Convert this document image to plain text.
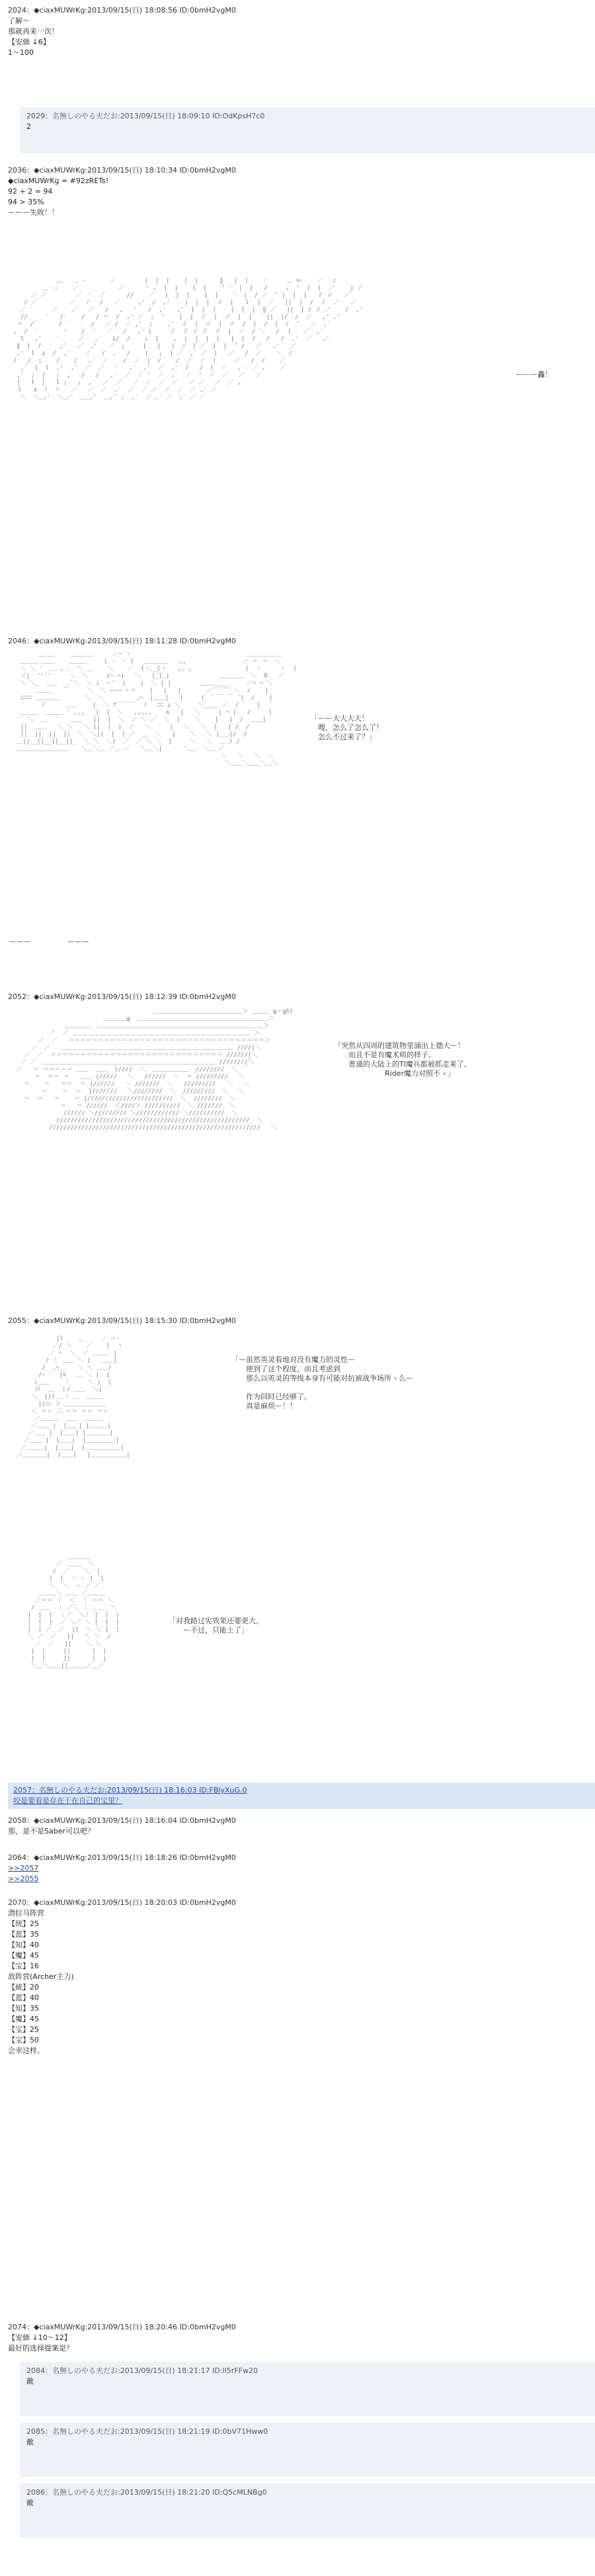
2024：◆ciaxMUWrKg:2013/09/15(日) 18:08:56 ID:0bmH2vgM0
了解～
那就再来一次！
【安価 ↓6】
1～100
2029：名無しのやる夫だお:2013/09/15(日) 18:09:10 ID:OdKpsH7c0
2
2036：◆ciaxMUWrKg:2013/09/15(日) 18:10:34 ID:0bmH2vgM0
◆ciaxMUWrKg = #92zRETs!
92 + 2 = 94
94 > 35%
ーーー失敗！！
,、  ＿ ‐ ￣    ／        |  |  |    |  |      ‖   |  |    ／     ＿ ｬﾍ    ／   ﾝ
＿ -‐    ／           ／      ' ,  |  |    |  |    ’ '  |  |   /     ,  '  |  |  ／    ｊ ﾉ
／ ／        ／  '  ／      //    ／   |  |  |    |  |    '  |  / ／  ’ |  |  |   ∥ ∥   ／
/ ／         ／   ﾉ   /   ／     ,'  /  ,'    |  |  |  ∥  |   ｌ  |  ／   ||  |  /  ∥  ／   ／
／ ′     ／    ／   ／   /   ,   '   /  ,'   ,'  |  |  |    |  |  |  ‖ ／   ||  | / ∥ ／    /  ,'
//     ′   /′    /   / 〃  /  ,' ／  ;  '    |  |  ∥  |  ∥  |  |    ||  |/  /  ／   ,' ,'
〃  /′      / ′   ′  /   ／ /  ／ ,'  ;    ,'  ∥  |  ∥  |  ∥  /  |  /  |  /  ’   ／  ,′
,′ /  ′       '    /  '   ／ ′ /   ,' |     ∥  ∥ ∥ ∥  ∥  |  ／  / ＼   /  ｌ   ／  ,′
l   ,'    ′     ／   ,′   i/  /    ;  |    ,  |  |  |  |   |  |  /   /   /  ,'  ／   ,'
∥  |  /  ′  ,′   ／  ,'   ／  ;  ′  |   |   |  ﾉ  | ／  |  |  ’ /   ／   ,'   ／
,'  l  i  /  ,′    ／   /  ,   /    |   ;  | ／  ,′ ／  |   ／   /  ／    ＼  /
/   /  ;    /    /   ,′  ／    /  ／  |  /    /  ／  ／  | ′   ／   /  /    ／
,′  |  l  ,'  ,'  ／  ／   '   ,′  ,'  ／  ,′  /   /  |  ／   ,′  ／ ,′   ／
,'  ;  |   ;  ,   /   /   ,′  ／  ／ '  ／  ,′  ／  ’  ／  ／   ／   ／
|   l  |   l ;   ;  ,′  ／  ／   ／  ／  ／  ／   ／ ／   ／  ／ ,′
ｌ   ∨  ﾉ  〃   ／   ／  ／  ,′  ／  ／ ／  ／  ／  ／ ,′ ／
＼  ＼_,'  ＼_／  ＿_,'  ＿,' ,′ ,′  ／ ,′ ／  ,′ ／ ／
ーーー轟！
2046：◆ciaxMUWrKg:2013/09/15(日) 18:11:28 ID:0bmH2vgM0
＿＿＿    ＿＿＿＿     ／⌒ ヽ                                ＿＿＿＿＿＿
＿＿＿ ＿＿    ＿＿＿     ( ・ ・ )   ＿＿＿＿   ,,                ／ ⌒  ⌒  ＼
＼ ＼ '  ＿ , .  ＼ ＿    ＼    ／  (ヽ､_(ヽ   ,, ,               (  ・     ・  )
＜|  ''¨¨     ＼  ＼     (⌒ ⌒)   ＼   |_l_|              ＿＿＿＿  ＼  ∇   ／
＼ ＼_  ＿_   .ﾞ＼  ＼ (｀ー'  )    |  ＼ | |        ＿＿＿___     ／⌒ ⌒ ＼
＿＿＿   ￣     ＼  ＼ ｰｰｰｰ ｰ ﾍ    |   |   |       ／¨¨¨¨¨ ＼  /    |
ﾆﾆﾆﾆ ＿＿＿＿       ＼  ＼         ,ﾍ  |＿＿|   |     ( ｀ ￣ ￣ ´)  /    |
ﾉ      ＿＿    |  ＼ ｸﾞﾞﾞﾞﾞﾞﾞ  ﾉ   ﾆﾆ ⊥ ＼     ＼____ ／  /     |
＿＿＿  ＿＿＿ ' ,,,   |  |  ＼   ,,,,,    ∧   |   ＼     | ⌒ |   /     |
´  ＼  ＿  ｀   ＿＿   ||  |  ＼  ／ ＼ ／  ＼  |    ＼    |   |  /  ＿＿|
||  ＿＿   ＼ ＼   ＼ ||  |  |  ／   ＼     |   ＼   ＼  |   | /  /
||  ||  ||  ||  ＼  ＼||  |  | ／  ＿  ＼   |    ＼   ＼ |＿_|/  /
＿||__||__||__||_  ＼ ＼  ＼|  ／  ／ ＼ ＼  |     ＼   ＼  ＿ / /
＿＿＿＿＿＿＿＿＿   ＼＿＼＿ ／＿ ／   ＼＿＼|      ＼＿  ＼＿ ／
＼   ＼   ＼  ＼
＼＿＿＼＿＿＼＿＼
「ーー大大大大！
　嗖，怎么了怎么了！
　怎么不过来了？」
ーーー　　　　　ーーー
2052：◆ciaxMUWrKg:2013/09/15(日) 18:12:39 ID:0bmH2vgM0
＿＿＿＿＿＿＿＿＿＿＿＿＿＿＿＞ ＿＿＿ ≧＝≦ｾ)
＿＿＿＿≦  ＿＿＿＿＿＿＿＿＿＿＿＿＿＿＿＿＿＿＿＿＿＿＞
＿＿＿＿＿ ＿＿＿＿＿＿＿＿＿＿＿＿＿＿＿＿＿＿＿＿＿＿＿＿＿＿＿＿＞
／  ／ ＿＿＿＿＿＿＿＿＿＿＿＿＿＿＿＿＿＿＿＿＿＿＿＿＿＿＿＿＿＿ ＞
／  ／   ＝＝＝＝＝＝＝＝＝＝＝＝＝＝＝＝＝＝＝＝＝＝＝＝＝＝＝＝＝＝＝＝＝＞
／  ／   ＿＿＿＿＿＿＿＿＿＿＿＿＿＿＿＿＿＿＿＿＿＿＿＿＿＿＿＿＿ ////|＼
／  ／  ＝＝＝＝＝＝＝＝＝＝＝＝＝＝＝＝＝＝＝＝＝＝＝＝＝＝＝＝＝ //////|＼
／ ／  ＿＿＿＿＿＿＿＿＿＿＿＿＿＿＿＿＿＿＿＿＿＿＿＿＿＿＿＿＿ ///////|＼
／   ＝ ＝＝＝＝＝ ＿＿  ＿＿  |////  ＼  ＿＿＿＿＿＿  ////////  ＼
＝  ＝＝ ＝   ＿＿ |/////   ＼   //////  ＼  ＝ /////////   ＼
＝    ＝   ＝＝  ＝ |//////   ＼ ///////  ＼   /////////   ＼   ＼
＝    ＝  ＝  |///////   ＼////////  ＼  /////////  ＼   ＼
＝  ＝   ＝    ＝ |////////////////////////  ＼  ////////  ＼
＝   ＝ //////  ＜////＞ //////////  ＼ ///////  ＼
////// ＼///////// ＼//////////// ＼//////////  ＼
//////////////////////////////////////////////////////  ＼
///////////////////////////////////////////////////////////   ＼
「突然从四周的建筑物里涌出上德大ー！
　　而且不是有魔术师的样子。
　　普通的大陆上的Tl魔兵都被抓走来了。
　　　　　　　Rider魔力对照不ゝ」
2055：◆ciaxMUWrKg:2013/09/15(日) 18:15:30 ID:0bmH2vgM0
|l    ＿     ／ ⌒ヽ
／/ ＼    ／    |  ヽ
／ ⌒  ＼  ／ ＿＿＿ |
/ ｜ ＿＿ ＼ |   ＿＿|
/  ,ﾍ__   ＼ ＼ ＿＿/
/ｰ ´  |ﾙ   ＿ ＼ |  |
ﾚ＿＿    ｜     ＼ |  |
ｲﾄ  ＿  ｉｲ ＿＿  ＼|
＼  ||ｲ ＿｜ ＿  ＿＿＿
||ﾆﾆ ＞ ＿＿＿＿＿＿＿
＜ ＝＝ 三 ＝＝ ＝＝ ＝＝
／＿＿＿  ＿＿  ＿＿＿
／＿＿ |  |＿＿| |＿＿＿|
／＿＿ |  |＿＿| |＿＿＿＿|
／＿＿ |  |＿＿|  |＿＿＿＿＿|
／＿＿＿|  |＿＿|  |＿＿＿＿＿＿|
／＿＿＿＿|  |＿＿|   |＿＿＿＿＿＿|
「ー虽然英灵看地对没有魔力的灵性ー
　　使到了这个程度，而且考虑到
　　那么以英灵的等级本身有可能对抗被战争场所ゝ么ー

　　作为回时已经够了。
　　真是麻烦ー！！
＿＿＿＿
／  ＿＿  ＼
/  ／    ＼  |
|  |  ・ ・ |  |
＼  ＼  ー ／ ／
＿＿＿＼ ＿＿ ／＿＿＿
／＝＝ ｜  ＜  ｜ ＝＝ ＼
/ ＿＿  ｜ ／＼ ｜ ＿＿  ＼
|  |  |  ｜／  ＼｜ |  |  |
|  |  |  ／ ＼／ ＼ |  |  |
|  | ／  ／  ||  ＼ ＼ |  |
＼ ／  ／   ||   ＼ ＼  /
／  ／   ||    ＼ ＼
|  |     ||      |  |
|  |     ||      |  |
＼＿＼＿＿||＿＿＿／＿／
「对我路过宪效果还要更大。
　　ー不过，只能上了」
2057：名無しのやる夫だお:2013/09/15(日) 18:16:03 ID:FBlyXuG.0
咬是要看是存在于在自己的宝里？
2058：◆ciaxMUWrKg:2013/09/15(日) 18:16:04 ID:0bmH2vgM0
那，是不是Saber可以吧？
2064：◆ciaxMUWrKg:2013/09/15(日) 18:18:26 ID:0bmH2vgM0
>>2057
>>2055
2070：◆ciaxMUWrKg:2013/09/15(日) 18:20:03 ID:0bmH2vgM0
渭拉马阵营
【统】25
【蓝】35
【知】40
【魔】45
【宝】16
敌阵营(Archer主力)
【統】20
【蓝】40
【知】35
【魔】45
【宝】25
【宝】50
会幸这样。
2074：◆ciaxMUWrKg:2013/09/15(日) 18:20:46 ID:0bmH2vgM0
【安価 ↓10～12】
最好的选择提案是？
2084：名無しのやる夫だお:2013/09/15(日) 18:21:17 ID:Il5rFFw20
敵
2085：名無しのやる夫だお:2013/09/15(日) 18:21:19 ID:0bV71Hww0
敵
2086：名無しのやる夫だお:2013/09/15(日) 18:21:20 ID:Q5cMLNBg0
敵
